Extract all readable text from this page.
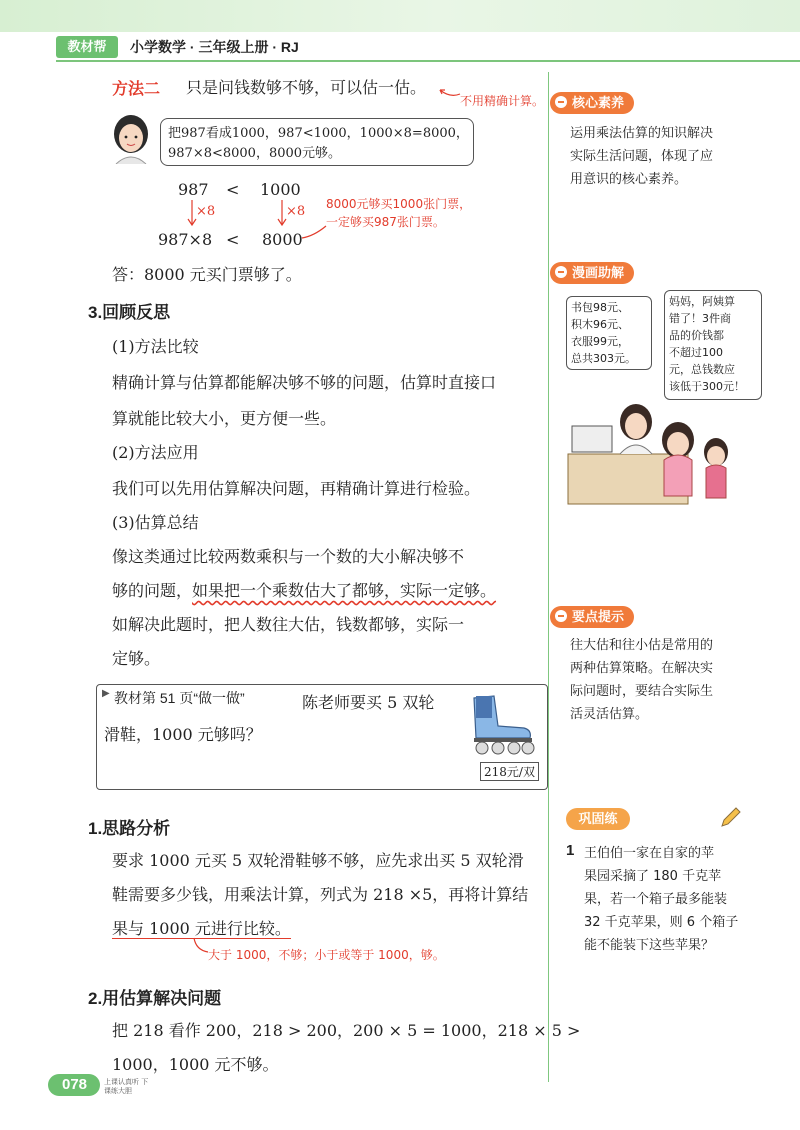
教材帮	小学数学 · 三年级上册 · RJ
方法二 只是问钱数够不够，可以估一估。
不用精确计算。
把987看成1000，987<1000，1000×8=8000，
987×8<8000，8000元够。
987 < 1000
×8	×8
987×8 < 8000
8000元够买1000张门票，
一定够买987张门票。
答：8000 元买门票够了。
3.回顾反思
(1)方法比较
精确计算与估算都能解决够不够的问题，估算时直接口
算就能比较大小，更方便一些。
(2)方法应用
我们可以先用估算解决问题，再精确计算进行检验。
(3)估算总结
像这类通过比较两数乘积与一个数的大小解决够不
够的问题，如果把一个乘数估大了都够，实际一定够。
如解决此题时，把人数往大估，钱数都够，实际一
定够。
▶ 教材第 51 页“做一做”	陈老师要买 5 双轮
滑鞋，1000 元够吗？
218元/双
1.思路分析
要求 1000 元买 5 双轮滑鞋够不够，应先求出买 5 双轮滑
鞋需要多少钱，用乘法计算，列式为 218 ×5，再将计算结
果与 1000 元进行比较。
大于 1000，不够；小于或等于 1000，够。
2.用估算解决问题
把 218 看作 200，218 > 200，200 × 5 = 1000，218 × 5 >
1000，1000 元不够。
核心素养
运用乘法估算的知识解决
实际生活问题，体现了应
用意识的核心素养。
漫画助解
书包98元、
积木96元、
衣服99元，
总共303元。
妈妈，阿姨算
错了！3件商
品的价钱都
不超过100
元，总钱数应
该低于300元！
要点提示
往大估和往小估是常用的
两种估算策略。在解决实
际问题时，要结合实际生
活灵活估算。
巩固练
1 王伯伯一家在自家的苹
果园采摘了 180 千克苹
果，若一个箱子最多能装
32 千克苹果，则 6 个箱子
能不能装下这些苹果？
078 上课认真听 下课练大胆
